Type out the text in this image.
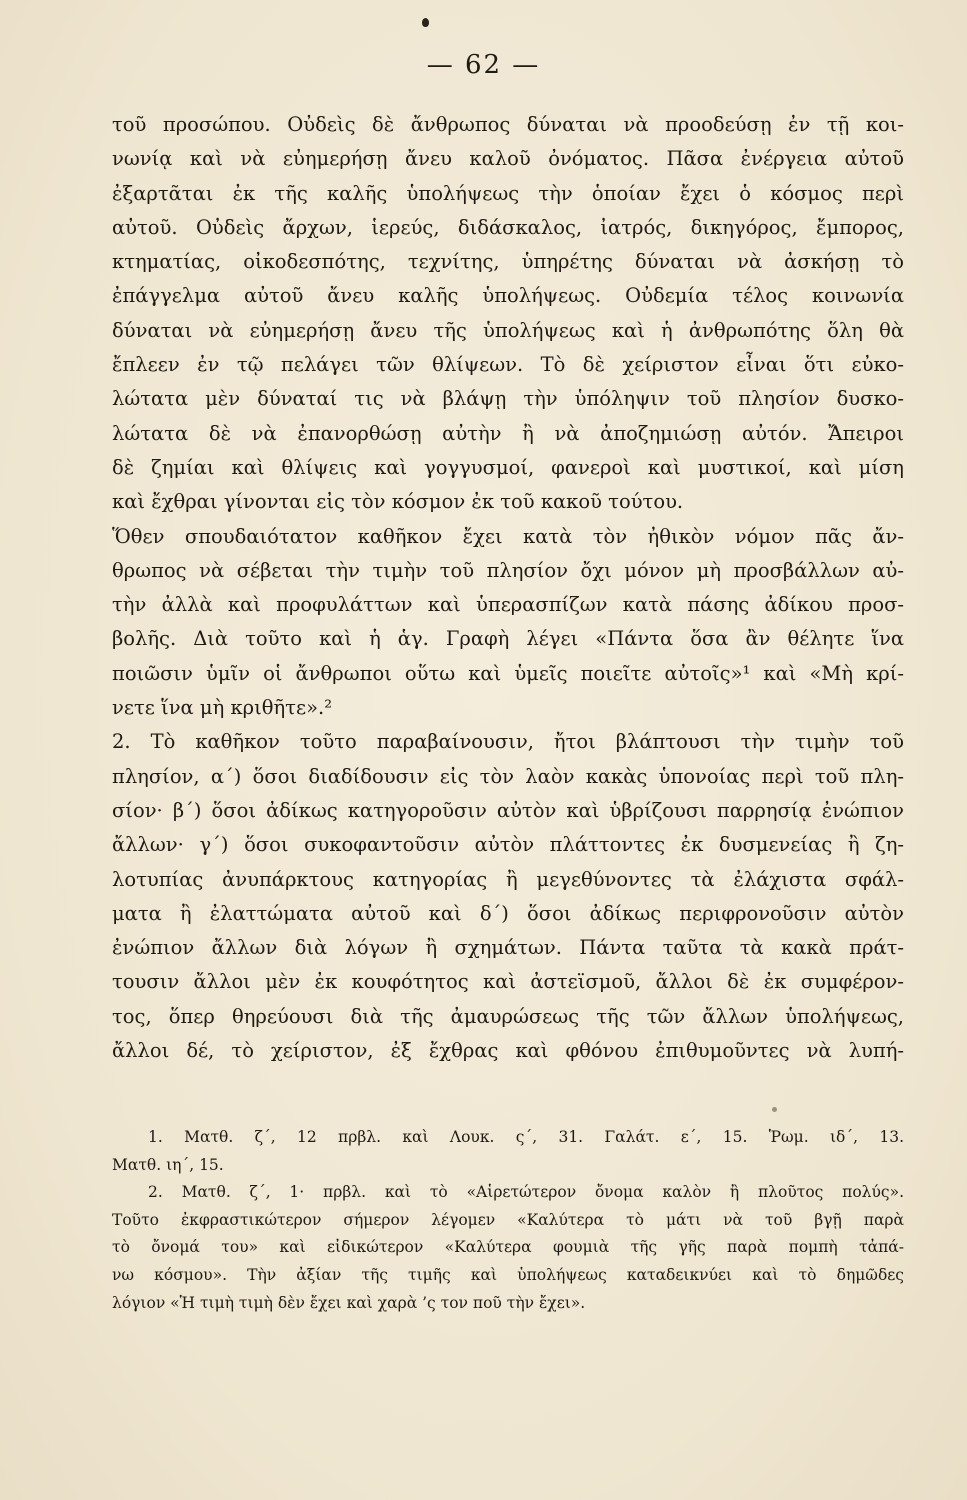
— 62 —
τοῦ προσώπου. Οὐδεὶς δὲ ἄνθρωπος δύναται νὰ προοδεύσῃ ἐν τῇ κοι-
νωνίᾳ καὶ νὰ εὐημερήσῃ ἄνευ καλοῦ ὀνόματος. Πᾶσα ἐνέργεια αὐτοῦ
ἐξαρτᾶται ἐκ τῆς καλῆς ὑπολήψεως τὴν ὁποίαν ἔχει ὁ κόσμος περὶ
αὐτοῦ. Οὐδεὶς ἄρχων, ἱερεύς, διδάσκαλος, ἰατρός, δικηγόρος, ἔμπορος,
κτηματίας, οἰκοδεσπότης, τεχνίτης, ὑπηρέτης δύναται νὰ ἀσκήσῃ τὸ
ἐπάγγελμα αὐτοῦ ἄνευ καλῆς ὑπολήψεως. Οὐδεμία τέλος κοινωνία
δύναται νὰ εὐημερήσῃ ἄνευ τῆς ὑπολήψεως καὶ ἡ ἀνθρωπότης ὅλη θὰ
ἔπλεεν ἐν τῷ πελάγει τῶν θλίψεων. Τὸ δὲ χείριστον εἶναι ὅτι εὐκο-
λώτατα μὲν δύναταί τις νὰ βλάψῃ τὴν ὑπόληψιν τοῦ πλησίον δυσκο-
λώτατα δὲ νὰ ἐπανορθώσῃ αὐτὴν ἢ νὰ ἀποζημιώσῃ αὐτόν. Ἄπειροι
δὲ ζημίαι καὶ θλίψεις καὶ γογγυσμοί, φανεροὶ καὶ μυστικοί, καὶ μίση
καὶ ἔχθραι γίνονται εἰς τὸν κόσμον ἐκ τοῦ κακοῦ τούτου.
Ὅθεν σπουδαιότατον καθῆκον ἔχει κατὰ τὸν ἠθικὸν νόμον πᾶς ἄν-
θρωπος νὰ σέβεται τὴν τιμὴν τοῦ πλησίον ὄχι μόνον μὴ προσβάλλων αὐ-
τὴν ἀλλὰ καὶ προφυλάττων καὶ ὑπερασπίζων κατὰ πάσης ἀδίκου προσ-
βολῆς. Διὰ τοῦτο καὶ ἡ ἁγ. Γραφὴ λέγει «Πάντα ὅσα ἂν θέλητε ἵνα
ποιῶσιν ὑμῖν οἱ ἄνθρωποι οὕτω καὶ ὑμεῖς ποιεῖτε αὐτοῖς»¹ καὶ «Μὴ κρί-
νετε ἵνα μὴ κριθῆτε».²
2. Τὸ καθῆκον τοῦτο παραβαίνουσιν, ἤτοι βλάπτουσι τὴν τιμὴν τοῦ
πλησίον, α΄) ὅσοι διαδίδουσιν εἰς τὸν λαὸν κακὰς ὑπονοίας περὶ τοῦ πλη-
σίον· β΄) ὅσοι ἀδίκως κατηγοροῦσιν αὐτὸν καὶ ὑβρίζουσι παρρησίᾳ ἐνώπιον
ἄλλων· γ΄) ὅσοι συκοφαντοῦσιν αὐτὸν πλάττοντες ἐκ δυσμενείας ἢ ζη-
λοτυπίας ἀνυπάρκτους κατηγορίας ἢ μεγεθύνοντες τὰ ἐλάχιστα σφάλ-
ματα ἢ ἐλαττώματα αὐτοῦ καὶ δ΄) ὅσοι ἀδίκως περιφρονοῦσιν αὐτὸν
ἐνώπιον ἄλλων διὰ λόγων ἢ σχημάτων. Πάντα ταῦτα τὰ κακὰ πράτ-
τουσιν ἄλλοι μὲν ἐκ κουφότητος καὶ ἀστεϊσμοῦ, ἄλλοι δὲ ἐκ συμφέρον-
τος, ὅπερ θηρεύουσι διὰ τῆς ἀμαυρώσεως τῆς τῶν ἄλλων ὑπολήψεως,
ἄλλοι δέ, τὸ χείριστον, ἐξ ἔχθρας καὶ φθόνου ἐπιθυμοῦντες νὰ λυπή-
1. Ματθ. ζ΄, 12 πρβλ. καὶ Λουκ. ς΄, 31. Γαλάτ. ε΄, 15. Ῥωμ. ιδ΄, 13.
Ματθ. ιη΄, 15.
2. Ματθ. ζ΄, 1· πρβλ. καὶ τὸ «Αἱρετώτερον ὄνομα καλὸν ἢ πλοῦτος πολύς».
Τοῦτο ἐκφραστικώτερον σήμερον λέγομεν «Καλύτερα τὸ μάτι νὰ τοῦ βγῇ παρὰ
τὸ ὄνομά του» καὶ εἰδικώτερον «Καλύτερα φουμιὰ τῆς γῆς παρὰ πομπὴ τἀπά-
νω κόσμου». Τὴν ἀξίαν τῆς τιμῆς καὶ ὑπολήψεως καταδεικνύει καὶ τὸ δημῶδες
λόγιον «Ἡ τιμὴ τιμὴ δὲν ἔχει καὶ χαρὰ ’ς τον ποῦ τὴν ἔχει».
